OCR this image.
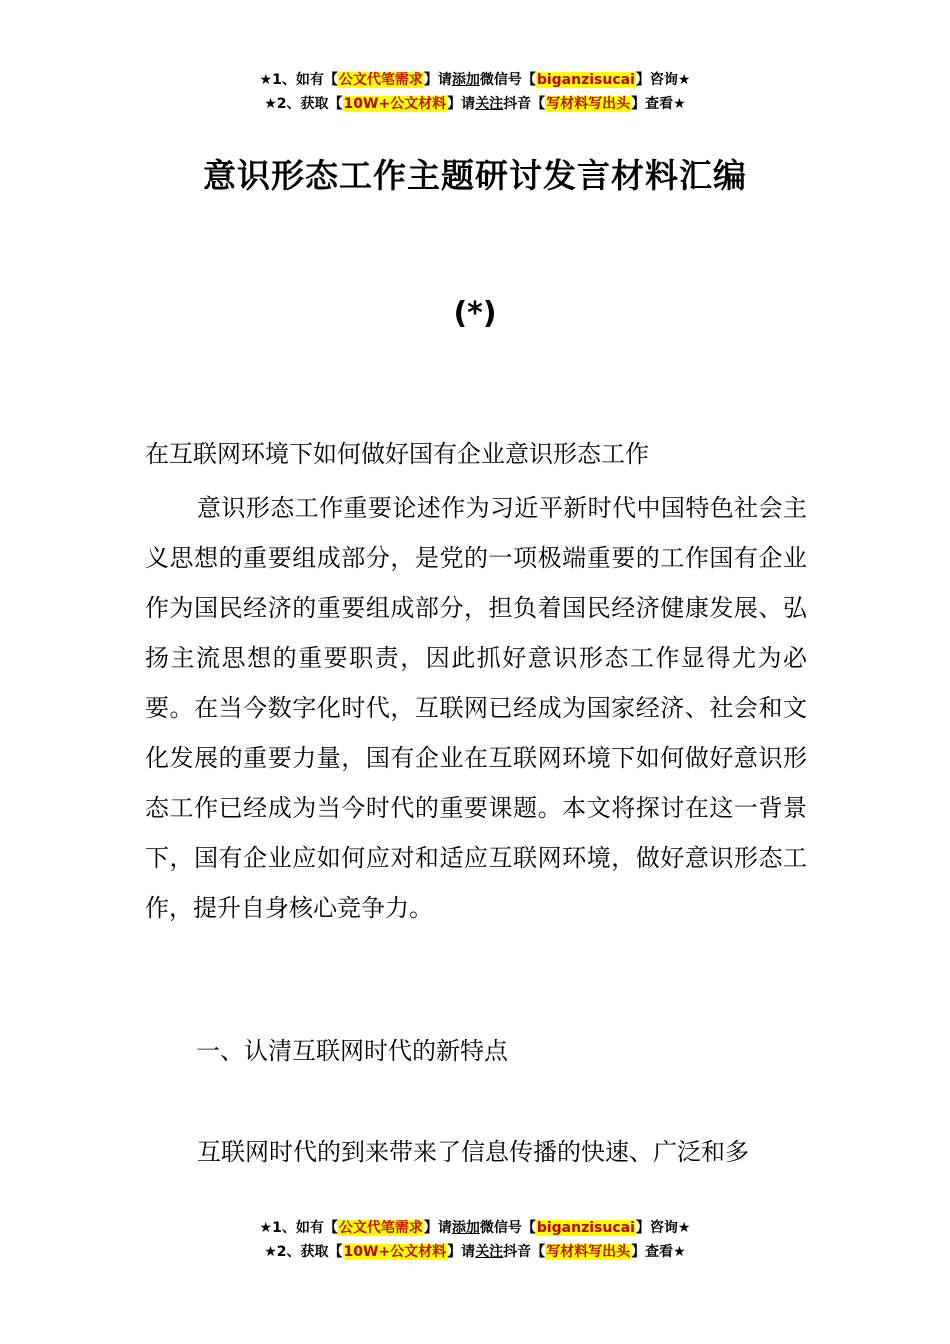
★1、如有【公文代笔需求】请添加微信号【biganzisucai】咨询★
★2、获取【10W+公文材料】请关注抖音【写材料写出头】查看★
意识形态工作主题研讨发言材料汇编
(*)
在互联网环境下如何做好国有企业意识形态工作
意识形态工作重要论述作为习近平新时代中国特色社会主义思想的重要组成部分，是党的一项极端重要的工作国有企业作为国民经济的重要组成部分，担负着国民经济健康发展、弘扬主流思想的重要职责，因此抓好意识形态工作显得尤为必要。在当今数字化时代，互联网已经成为国家经济、社会和文化发展的重要力量，国有企业在互联网环境下如何做好意识形态工作已经成为当今时代的重要课题。本文将探讨在这一背景下，国有企业应如何应对和适应互联网环境，做好意识形态工作，提升自身核心竞争力。
一、认清互联网时代的新特点
互联网时代的到来带来了信息传播的快速、广泛和多
★1、如有【公文代笔需求】请添加微信号【biganzisucai】咨询★
★2、获取【10W+公文材料】请关注抖音【写材料写出头】查看★
